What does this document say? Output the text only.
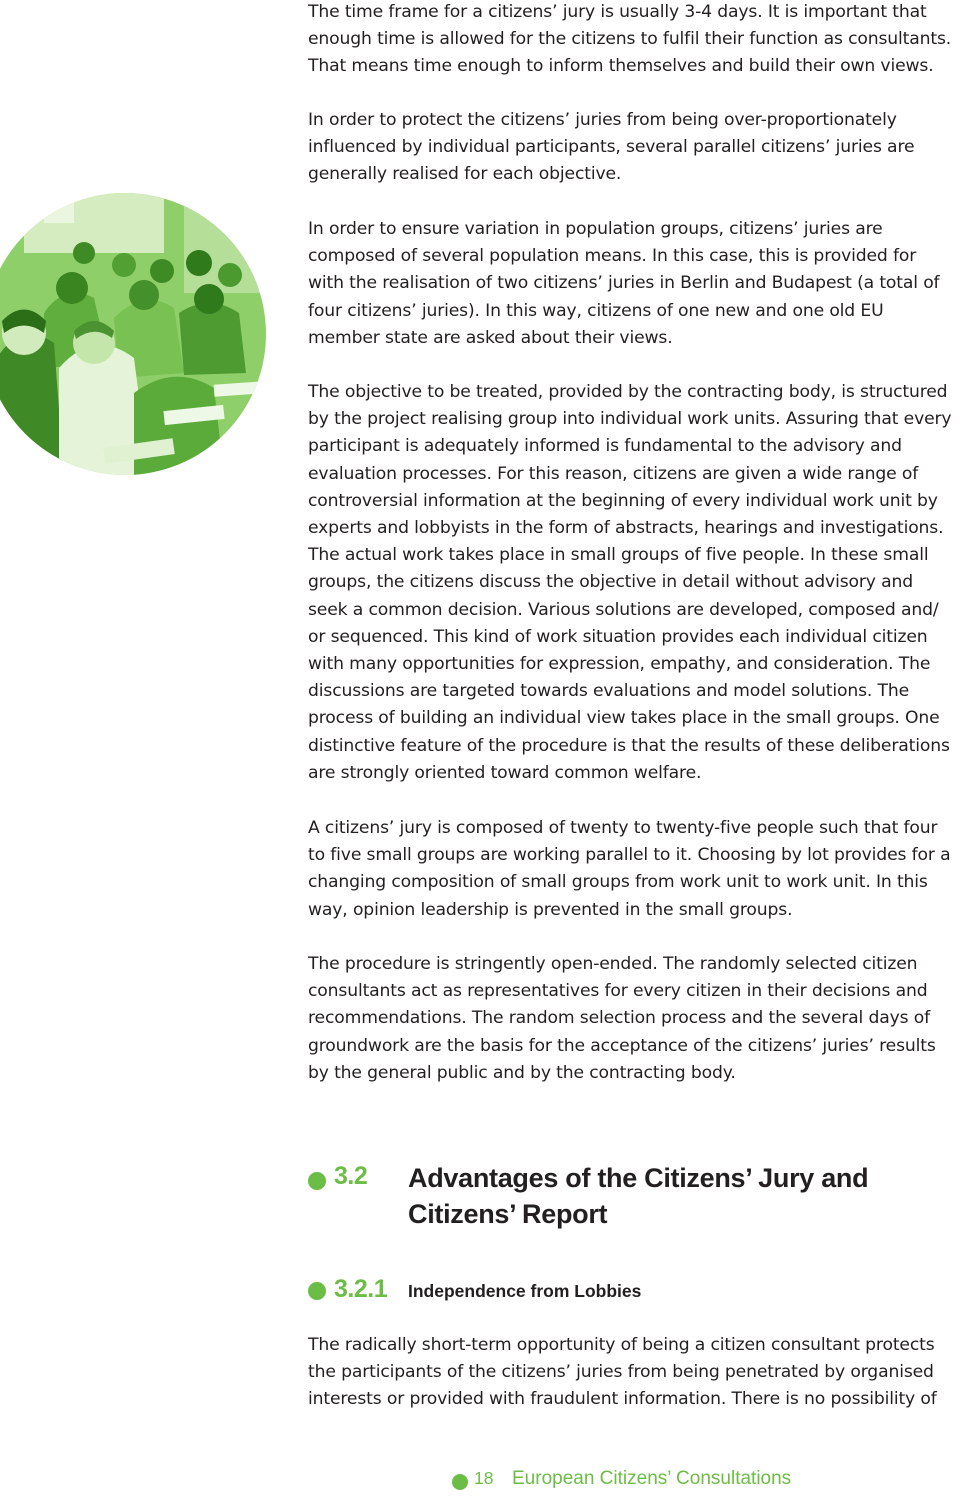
The time frame for a citizens’ jury is usually 3-4 days. It is important that enough time is allowed for the citizens to fulfil their function as consultants. That means time enough to inform themselves and build their own views.

In order to protect the citizens’ juries from being over-proportionately influenced by individual participants, several parallel citizens’ juries are generally realised for each objective.

In order to ensure variation in population groups, citizens’ juries are composed of several population means. In this case, this is provided for with the realisation of two citizens’ juries in Berlin and Budapest (a total of four citizens’ juries). In this way, citizens of one new and one old EU member state are asked about their views.

The objective to be treated, provided by the contracting body, is structured by the project realising group into individual work units. Assuring that every participant is adequately informed is fundamental to the advisory and evaluation processes. For this reason, citizens are given a wide range of controversial information at the beginning of every individual work unit by experts and lobbyists in the form of abstracts, hearings and investigations. The actual work takes place in small groups of five people. In these small groups, the citizens discuss the objective in detail without advisory and seek a common decision. Various solutions are developed, composed and/ or sequenced. This kind of work situation provides each individual citizen with many opportunities for expression, empathy, and consideration. The discussions are targeted towards evaluations and model solutions. The process of building an individual view takes place in the small groups. One distinctive feature of the procedure is that the results of these deliberations are strongly oriented toward common welfare.

A citizens’ jury is composed of twenty to twenty-five people such that four to five small groups are working parallel to it. Choosing by lot provides for a changing composition of small groups from work unit to work unit. In this way, opinion leadership is prevented in the small groups.

The procedure is stringently open-ended. The randomly selected citizen consultants act as representatives for every citizen in their decisions and recommendations. The random selection process and the several days of groundwork are the basis for the acceptance of the citizens’ juries’ results by the general public and by the contracting body.

The radically short-term opportunity of being a citizen consultant protects the participants of the citizens’ juries from being penetrated by organised interests or provided with fraudulent information. There is no possibility of

3.2 Advantages of the Citizens’ Jury and Citizens’ Report
3.2.1 Independence from Lobbies
18 European Citizens’ Consultations
